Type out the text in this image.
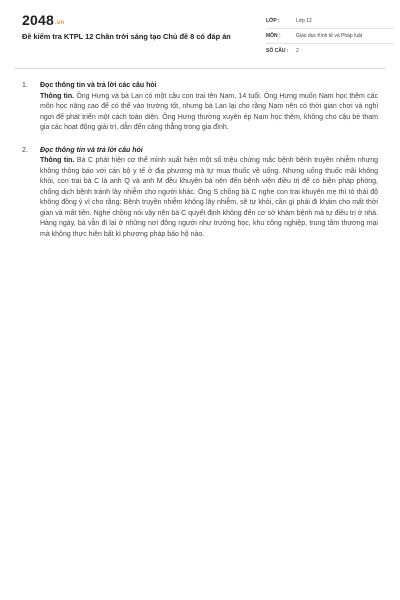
2048.vn
Đề kiểm tra KTPL 12 Chân trời sáng tạo Chủ đề 8 có đáp án
LỚP :	Lớp 12
MÔN :	Giáo dục Kinh tế và Pháp luật
SỐ CÂU :	2
1.	Đọc thông tin và trả lời các câu hỏi
Thông tin. Ông Hưng và bà Lan có một cậu con trai tên Nam, 14 tuổi. Ông Hưng muốn Nam học thêm các môn học nâng cao để có thể vào trường tốt, nhưng bà Lan lại cho rằng Nam nên có thời gian chơi và nghỉ ngơi để phát triển một cách toàn diện. Ông Hưng thường xuyên ép Nam học thêm, không cho cậu bé tham gia các hoạt động giải trí, dẫn đến căng thẳng trong gia đình.
2.	Đọc thông tin và trả lời câu hỏi
Thông tin. Bà C phát hiện cơ thể mình xuất hiện một số triệu chứng mắc bệnh bệnh truyền nhiễm nhưng không thông báo với cán bộ y tế ở địa phương mà tự mua thuốc về uống. Nhưng uống thuốc mãi không khỏi, con trai bà C là anh Q và anh M đều khuyên bà nên đến bệnh viện điều trị để có biện pháp phòng, chống dịch bệnh tránh lây nhiễm cho người khác. Ông S chồng bà C nghe con trai khuyên mẹ thì tỏ thái độ không đồng ý vì cho rằng: Bệnh truyền nhiễm không lây nhiễm, sẽ tự khỏi, cần gì phải đi khám cho mất thời gian và mất tiền. Nghe chồng nói vậy nên bà C quyết định không đến cơ sở khám bệnh mà tự điều trị ở nhà. Hàng ngày, bà vẫn đi lại ở những nơi đông người như trường học, khu công nghiệp, trung tâm thương mại mà không thực hiện bất kì phương pháp bảo hộ nào.
